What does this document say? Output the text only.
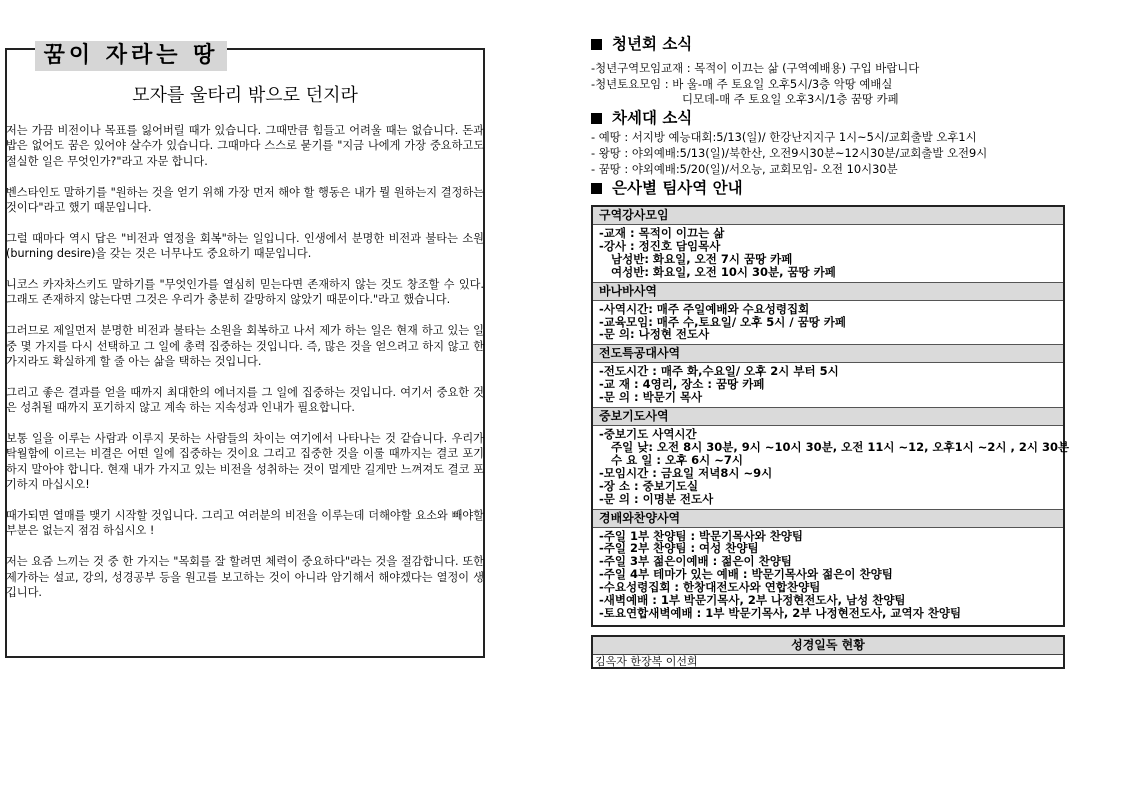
꿈이 자라는 땅
모자를 울타리 밖으로 던지라

저는 가끔 비전이나 목표를 잃어버릴 때가 있습니다. 그때만큼 힘들고 어려울 때는 없습니다. 돈과 밥은 없어도 꿈은 있어야 살수가 있습니다. 그때마다 스스로 묻기를 "지금 나에게 가장 중요하고도 절실한 일은 무엇인가?"라고 자문 합니다.

벤스타인도 말하기를 "원하는 것을 얻기 위해 가장 먼저 해야 할 행동은 내가 뭘 원하는지 결정하는 것이다"라고 했기 때문입니다.

그럴 때마다 역시 답은 "비전과 열정을 회복"하는 일입니다. 인생에서 분명한 비전과 불타는 소원(burning desire)을 갖는 것은 너무나도 중요하기 때문입니다.

니코스 카자차스키도 말하기를 "무엇인가를 열심히 믿는다면 존재하지 않는 것도 창조할 수 있다. 그래도 존재하지 않는다면 그것은 우리가 충분히 갈망하지 않았기 때문이다."라고 했습니다.

그러므로 제일먼저 분명한 비전과 불타는 소원을 회복하고 나서 제가 하는 일은 현재 하고 있는 일중 몇 가지를 다시 선택하고 그 일에 총력 집중하는 것입니다. 즉, 많은 것을 얻으려고 하지 않고 한 가지라도 확실하게 할 줄 아는 삶을 택하는 것입니다.

그리고 좋은 결과를 얻을 때까지 최대한의 에너지를 그 일에 집중하는 것입니다. 여기서 중요한 것은 성취될 때까지 포기하지 않고 계속 하는 지속성과 인내가 필요합니다.

보통 일을 이루는 사람과 이루지 못하는 사람들의 차이는 여기에서 나타나는 것 같습니다. 우리가 탁월함에 이르는 비결은 어떤 일에 집중하는 것이요 그리고 집중한 것을 이룰 때까지는 결코 포기하지 말아야 합니다. 현재 내가 가지고 있는 비전을 성취하는 것이 멀게만 길게만 느껴져도 결코 포기하지 마십시오!

때가되면 열매를 맺기 시작할 것입니다. 그리고 여러분의 비전을 이루는데 더해야할 요소와 빼야할 부분은 없는지 점검 하십시오 !

저는 요즘 느끼는 것 중 한 가지는 "목회를 잘 할려면 체력이 중요하다"라는 것을 절감합니다. 또한 제가하는 설교, 강의, 성경공부 등을 원고를 보고하는 것이 아니라 암기해서 해야겠다는 열정이 생깁니다.

청년회 소식
-청년구역모임교재 : 목적이 이끄는 삶 (구역예배용) 구입 바랍니다
-청년토요모임 : 바 울-매 주 토요일 오후5시/3층 악땅 예배실
디모데-매 주 토요일 오후3시/1층 꿈땅 카페
차세대 소식
- 예땅 : 서지방 예능대회:5/13(일)/ 한강난지지구 1시~5시/교회출발 오후1시
- 왕땅 : 야외예배:5/13(일)/북한산, 오전9시30분~12시30분/교회출발 오전9시
- 꿈땅 : 야외예배:5/20(일)/서오능, 교회모임- 오전 10시30분
은사별 팀사역 안내
구역강사모임
-교재 : 목적이 이끄는 삶
-강사 : 정진호 담임목사
남성반: 화요일, 오전 7시 꿈땅 카페
여성반: 화요일, 오전 10시 30분, 꿈땅 카페
바나바사역
-사역시간: 매주 주일예배와 수요성령집회
-교육모임: 매주 수,토요일/ 오후 5시 / 꿈땅 카페
-문 의: 나정현 전도사
전도특공대사역
-전도시간 : 매주 화,수요일/ 오후 2시 부터 5시
-교 재 : 4영리, 장소 : 꿈땅 카페
-문 의 : 박문기 목사
중보기도사역
-중보기도 사역시간
주일 낮: 오전 8시 30분, 9시 ~10시 30분, 오전 11시 ~12, 오후1시 ~2시 , 2시 30분
수 요 일 : 오후 6시 ~7시
-모임시간 : 금요일 저녁8시 ~9시
-장 소 : 중보기도실
-문 의 : 이명분 전도사
경배와찬양사역
-주일 1부 찬양팀 : 박문기목사와 찬양팀
-주일 2부 찬양팀 : 여성 찬양팀
-주일 3부 젊은이예배 : 젊은이 찬양팀
-주일 4부 테마가 있는 예배 : 박문기목사와 젊은이 찬양팀
-수요성령집회 : 한창대전도사와 연합찬양팀
-새벽예배 : 1부 박문기목사, 2부 나정현전도사, 남성 찬양팀
-토요연합새벽예배 : 1부 박문기목사, 2부 나정현전도사, 교역자 찬양팀
성경일독 현황
김옥자 한장복 이선희
